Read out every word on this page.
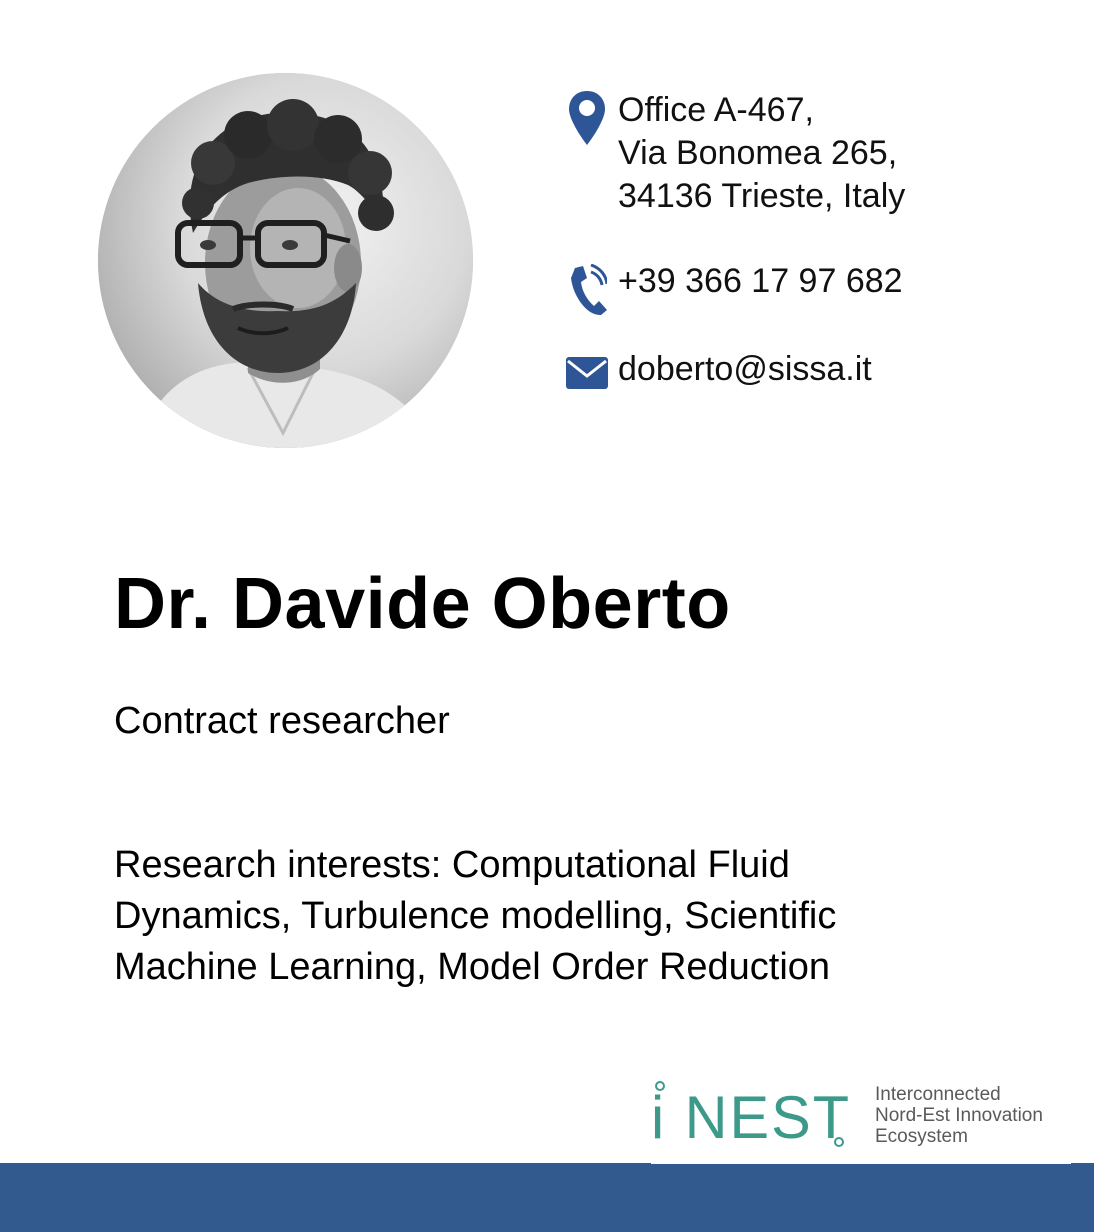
Office A-467,
Via Bonomea 265,
34136 Trieste, Italy
+39 366 17 97 682
doberto@sissa.it
Dr. Davide Oberto
Contract researcher
Research interests: Computational Fluid
Dynamics, Turbulence modelling, Scientific
Machine Learning, Model Order Reduction
i NEST Interconnected
Nord-Est Innovation
Ecosystem
